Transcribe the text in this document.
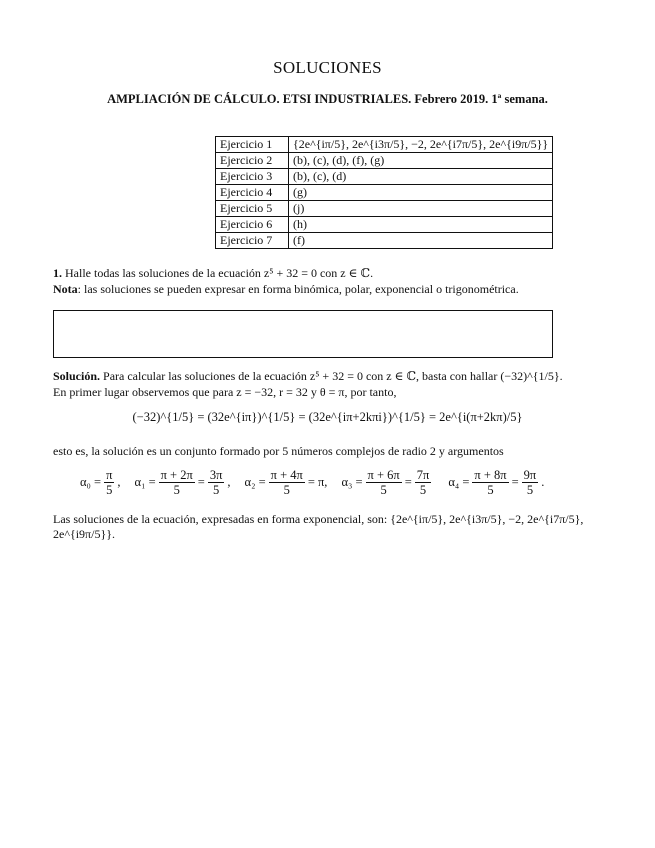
SOLUCIONES
AMPLIACIÓN DE CÁLCULO. ETSI INDUSTRIALES. Febrero 2019. 1ª semana.
Ejercicio 1	{2e^{iπ/5}, 2e^{i3π/5}, −2, 2e^{i7π/5}, 2e^{i9π/5}}
Ejercicio 2	(b), (c), (d), (f), (g)
Ejercicio 3	(b), (c), (d)
Ejercicio 4	(g)
Ejercicio 5	(j)
Ejercicio 6	(h)
Ejercicio 7	(f)
1. Halle todas las soluciones de la ecuación z⁵ + 32 = 0 con z ∈ ℂ.
Nota: las soluciones se pueden expresar en forma binómica, polar, exponencial o trigonométrica.
Solución. Para calcular las soluciones de la ecuación z⁵ + 32 = 0 con z ∈ ℂ, basta con hallar (−32)^{1/5}.
En primer lugar observemos que para z = −32, r = 32 y θ = π, por tanto,
(−32)^{1/5} = (32e^{iπ})^{1/5} = (32e^{iπ+2kπi})^{1/5} = 2e^{i(π+2kπ)/5}
esto es, la solución es un conjunto formado por 5 números complejos de radio 2 y argumentos
$\alpha_0 = \frac{\pi}{5}$ , $\alpha_1 = \frac{\pi + 2\pi}{5} = \frac{3\pi}{5}$ , $\alpha_2 = \frac{\pi + 4\pi}{5} = \pi$, $\alpha_3 = \frac{\pi + 6\pi}{5} = \frac{7\pi}{5} \alpha_4 = \frac{\pi + 8\pi}{5} = \frac{9\pi}{5}$ .
Las soluciones de la ecuación, expresadas en forma exponencial, son: {2e^{iπ/5}, 2e^{i3π/5}, −2, 2e^{i7π/5}, 2e^{i9π/5}}.
